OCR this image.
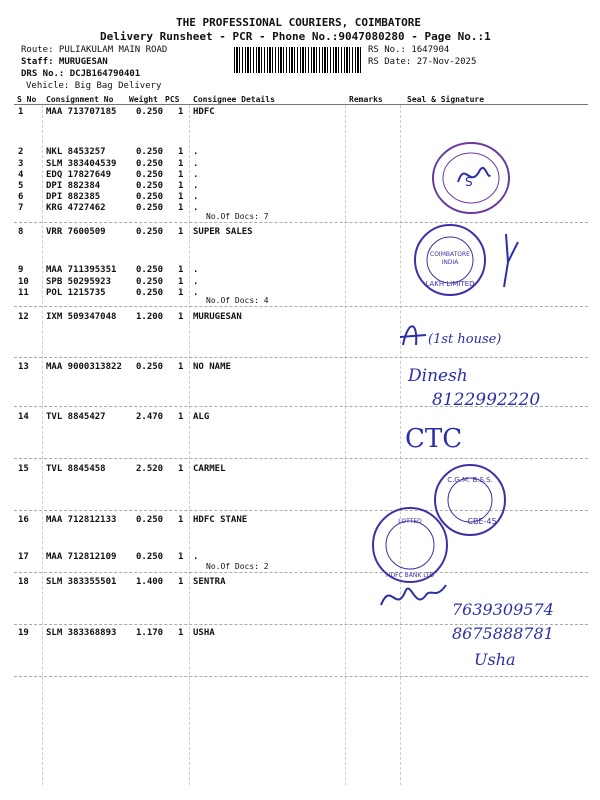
THE PROFESSIONAL COURIERS, COIMBATORE
Delivery Runsheet - PCR - Phone No.:9047080280 - Page No.:1
Route: PULIAKULAM MAIN ROAD
Staff: MURUGESAN
DRS No.: DCJB164790401
Vehicle: Big Bag Delivery
RS No.: 1647904
RS Date: 27-Nov-2025
S No Consignment No Weight PCS Consignee Details	Remarks	Seal & Signature
1	MAA 713707185 0.250 1 HDFC
2	NKL 8453257	0.250 1 .
3	SLM 383404539 0.250 1 .
4	EDQ 17827649	0.250 1 .
5	DPI 882384	0.250 1 .
6	DPI 882385	0.250 1 .
7	KRG 4727462	0.250 1 .
8	VRR 7600509	0.250 1 SUPER SALES
9	MAA 711395351 0.250 1 .
10 SPB 50295923	0.250 1 .
11 POL 1215735	0.250 1 .
12 IXM 509347048 1.200 1 MURUGESAN
13 MAA 9000313822 0.250 1 NO NAME
14 TVL 8845427	2.470 1 ALG
15 TVL 8845458	2.520 1 CARMEL
16 MAA 712812133 0.250 1 HDFC STANE
17 MAA 712812109 0.250 1 .
18 SLM 383355501 1.400 1 SENTRA
19 SLM 383368893 1.170 1 USHA
No.Of Docs: 7
No.Of Docs: 4
No.Of Docs: 2
S
COIMBATORE
INDIA
LAKH LIMITED
(1st house)
Dinesh
8122992220
CTC
C.G.M. B.S.S.
CBE-45
LOTTED
HDFC BANK LTD
7639309574
8675888781
Usha
